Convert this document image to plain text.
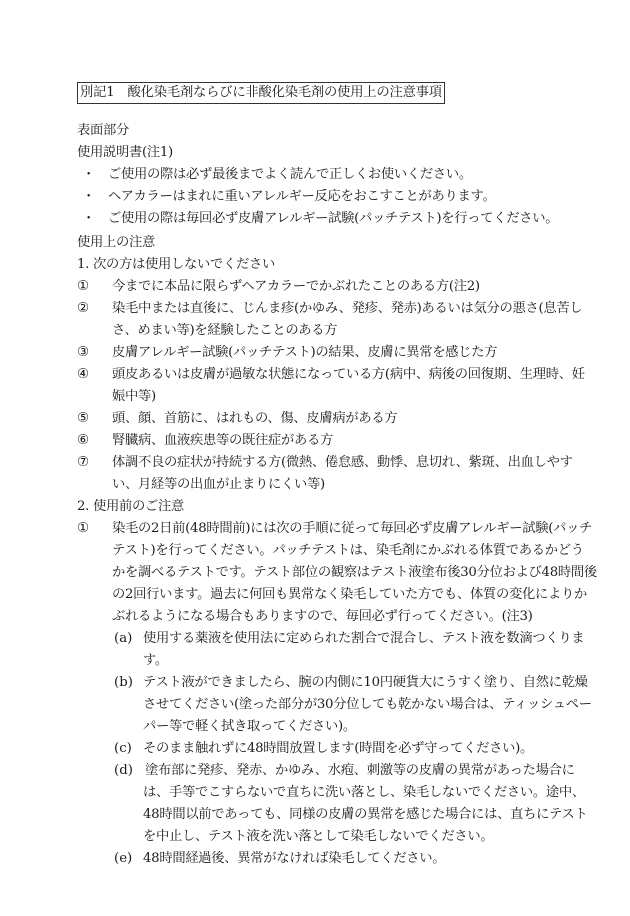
別記1　酸化染毛剤ならびに非酸化染毛剤の使用上の注意事項
表面部分
使用説明書(注1)
・ ご使用の際は必ず最後までよく読んで正しくお使いください。
・ ヘアカラーはまれに重いアレルギー反応をおこすことがあります。
・ ご使用の際は毎回必ず皮膚アレルギー試験(パッチテスト)を行ってください。
使用上の注意
1. 次の方は使用しないでください
① 今までに本品に限らずヘアカラーでかぶれたことのある方(注2)
② 染毛中または直後に、じんま疹(かゆみ、発疹、発赤)あるいは気分の悪さ(息苦し
さ、めまい等)を経験したことのある方
③ 皮膚アレルギー試験(パッチテスト)の結果、皮膚に異常を感じた方
④ 頭皮あるいは皮膚が過敏な状態になっている方(病中、病後の回復期、生理時、妊
娠中等)
⑤ 頭、顔、首筋に、はれもの、傷、皮膚病がある方
⑥ 腎臓病、血液疾患等の既往症がある方
⑦ 体調不良の症状が持続する方(微熱、倦怠感、動悸、息切れ、紫斑、出血しやす
い、月経等の出血が止まりにくい等)
2. 使用前のご注意
① 染毛の2日前(48時間前)には次の手順に従って毎回必ず皮膚アレルギー試験(パッチ
テスト)を行ってください。パッチテストは、染毛剤にかぶれる体質であるかどう
かを調べるテストです。テスト部位の観察はテスト液塗布後30分位および48時間後
の2回行います。過去に何回も異常なく染毛していた方でも、体質の変化によりか
ぶれるようになる場合もありますので、毎回必ず行ってください。(注3)
(a) 使用する薬液を使用法に定められた割合で混合し、テスト液を数滴つくりま
す。
(b) テスト液ができましたら、腕の内側に10円硬貨大にうすく塗り、自然に乾燥
させてください(塗った部分が30分位しても乾かない場合は、ティッシュペー
パー等で軽く拭き取ってください)。
(c) そのまま触れずに48時間放置します(時間を必ず守ってください)。
(d) 塗布部に発疹、発赤、かゆみ、水疱、刺激等の皮膚の異常があった場合に
は、手等でこすらないで直ちに洗い落とし、染毛しないでください。途中、
48時間以前であっても、同様の皮膚の異常を感じた場合には、直ちにテスト
を中止し、テスト液を洗い落として染毛しないでください。
(e) 48時間経過後、異常がなければ染毛してください。
